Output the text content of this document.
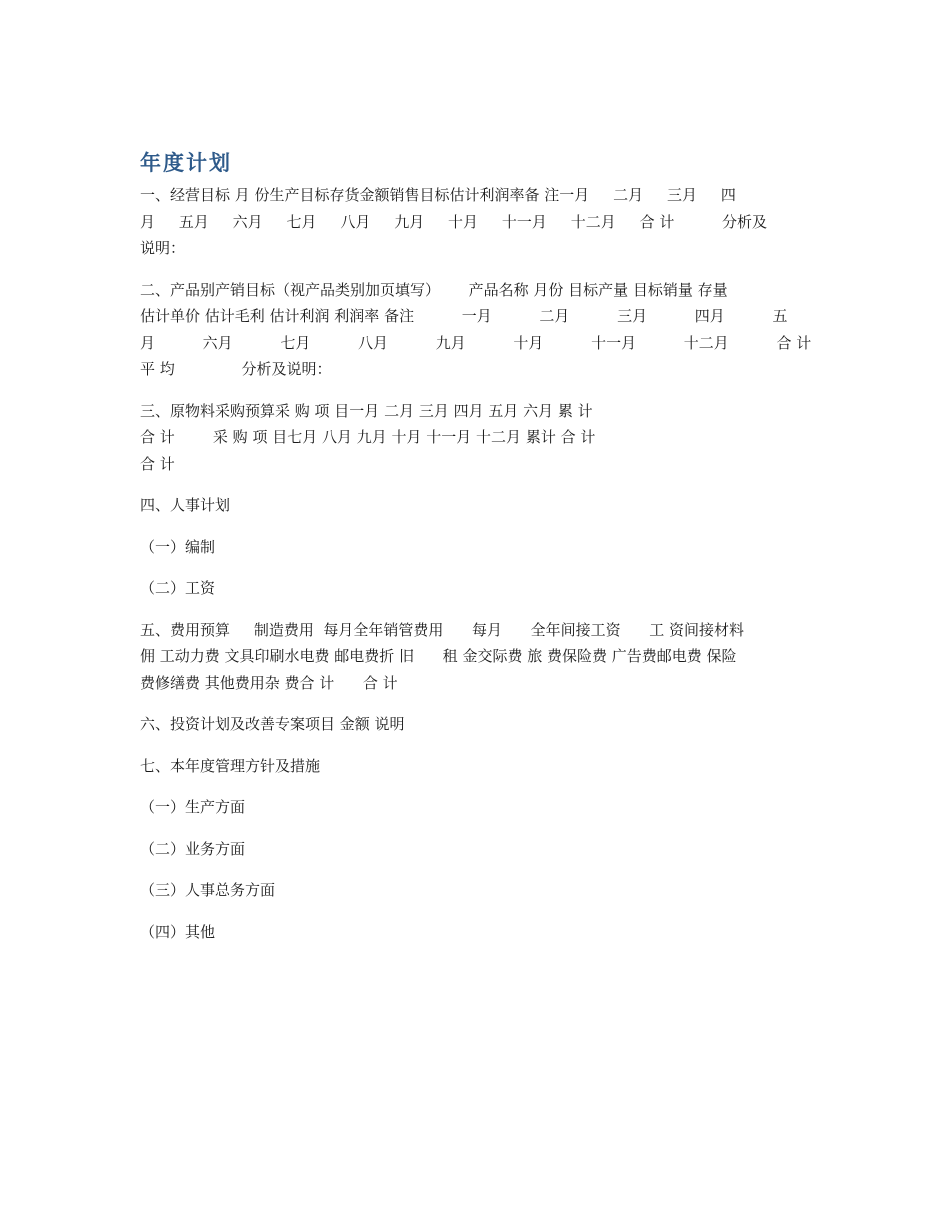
年度计划
一、经营目标 月 份生产目标存货金额销售目标估计利润率备 注一月     二月     三月     四
月     五月     六月     七月     八月     九月     十月     十一月     十二月     合 计          分析及
说明：
二、产品别产销目标（视产品类别加页填写）      产品名称 月份 目标产量 目标销量 存量
估计单价 估计毛利 估计利润 利润率 备注          一月          二月          三月          四月          五
月          六月          七月          八月          九月          十月          十一月          十二月          合 计
平 均              分析及说明：
三、原物料采购预算采 购 项 目一月 二月 三月 四月 五月 六月 累 计
合 计        采 购 项 目七月 八月 九月 十月 十一月 十二月 累计 合 计
合 计
四、人事计划
（一）编制
（二）工资
五、费用预算     制造费用  每月全年销管费用      每月      全年间接工资      工 资间接材料
佣 工动力费 文具印刷水电费 邮电费折 旧      租 金交际费 旅 费保险费 广告费邮电费 保险
费修缮费 其他费用杂 费合 计      合 计
六、投资计划及改善专案项目 金额 说明
七、本年度管理方针及措施
（一）生产方面
（二）业务方面
（三）人事总务方面
（四）其他
